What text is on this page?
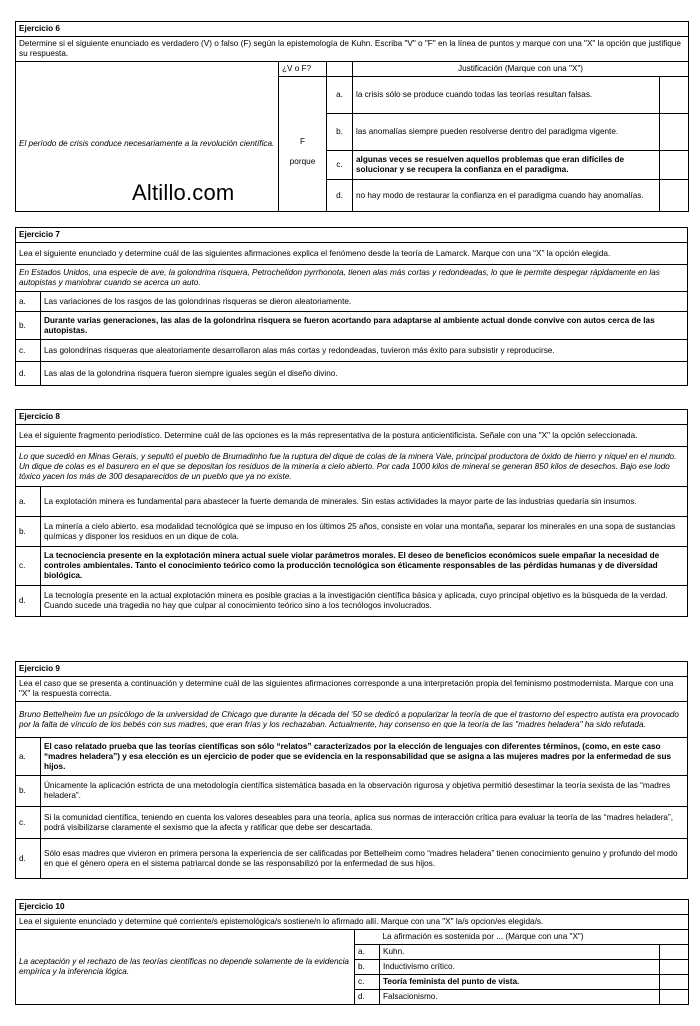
Ejercicio 6				
Determine si el siguiente enunciado es verdadero (V) o falso (F) según la epistemología de Kuhn. Escriba "V" o "F" en la línea de puntos y marque con una "X" la opción que justifique su respuesta.				
	¿V o F?		Justificación (Marque con una "X")	
El período de crisis conduce necesariamente a la revolución científica.	F	a.	la crisis sólo se produce cuando todas las teorías resultan falsas.	
		b.	las anomalías siempre pueden resolverse dentro del paradigma vigente.	
	porque	c.	algunas veces se resuelven aquellos problemas que eran difíciles de solucionar y se recupera la confianza en el paradigma.	
		d.	no hay modo de restaurar la confianza en el paradigma cuando hay anomalías.	
Ejercicio 7	
Lea el siguiente enunciado y determine cuál de las siguientes afirmaciones explica el fenómeno desde la teoría de Lamarck. Marque con una “X” la opción elegida.	
En Estados Unidos, una especie de ave, la golondrina risquera, Petrochelidon pyrrhonota, tienen alas más cortas y redondeadas, lo que le permite despegar rápidamente en las autopistas y maniobrar cuando se acerca un auto.	
a.	Las variaciones de los rasgos de las golondrinas risqueras se dieron aleatoriamente.
b.	Durante varias generaciones, las alas de la golondrina risquera se fueron acortando para adaptarse al ambiente actual donde convive con autos cerca de las autopistas.
c.	Las golondrinas risqueras que aleatoriamente desarrollaron alas más cortas y redondeadas, tuvieron más éxito para subsistir y reproducirse.
d.	Las alas de la golondrina risquera fueron siempre iguales según el diseño divino.
Ejercicio 8	
Lea el siguiente fragmento periodístico. Determine cuál de las opciones es la más representativa de la postura anticientificista. Señale con una "X" la opción seleccionada.	
Lo que sucedió en Minas Gerais, y sepultó el pueblo de Brumadinho fue la ruptura del dique de colas de la minera Vale, principal productora de óxido de hierro y níquel en el mundo. Un dique de colas es el basurero en el que se depositan los residuos de la minería a cielo abierto. Por cada 1000 kilos de mineral se generan 850 kilos de desechos. Bajo ese lodo tóxico yacen los más de 300 desaparecidos de un pueblo que ya no existe.	
a.	La explotación minera es fundamental para abastecer la fuerte demanda de minerales. Sin estas actividades la mayor parte de las industrias quedaría sin insumos.
b.	La minería a cielo abierto. esa modalidad tecnológica que se impuso en los últimos 25 años, consiste en volar una montaña, separar los minerales en una sopa de sustancias químicas y disponer los residuos en un dique de cola.
c.	La tecnociencia presente en la explotación minera actual suele violar parámetros morales. El deseo de beneficios económicos suele empañar la necesidad de controles ambientales. Tanto el conocimiento teórico como la producción tecnológica son éticamente responsables de las pérdidas humanas y de diversidad biológica.
d.	La tecnología presente en la actual explotación minera es posible gracias a la investigación científica básica y aplicada, cuyo principal objetivo es la búsqueda de la verdad. Cuando sucede una tragedia no hay que culpar al conocimiento teórico sino a los tecnólogos involucrados.
Ejercicio 9	
Lea el caso que se presenta a continuación y determine cuál de las siguientes afirmaciones corresponde a una interpretación propia del feminismo postmodernista. Marque con una "X" la respuesta correcta.	
Bruno Bettelheim fue un psicólogo de la universidad de Chicago que durante la década del ‘50 se dedicó a popularizar la teoría de que el trastorno del espectro autista era provocado por la falta de vínculo de los bebés con sus madres, que eran frías y los rechazaban. Actualmente, hay consenso en que la teoría de las "madres heladera" ha sido refutada.	
a.	El caso relatado prueba que las teorías científicas son sólo “relatos” caracterizados por la elección de lenguajes con diferentes términos, (como, en este caso “madres heladera”) y esa elección es un ejercicio de poder que se evidencia en la responsabilidad que se asigna a las mujeres madres por la enfermedad de sus hijos.
b.	Únicamente la aplicación estricta de una metodología científica sistemática basada en la observación rigurosa y objetiva permitió desestimar la teoría sexista de las “madres heladera”.
c.	Si la comunidad científica, teniendo en cuenta los valores deseables para una teoría, aplica sus normas de interacción crítica para evaluar la teoría de las “madres heladera”, podrá visibilizarse claramente el sexismo que la afecta y ratificar que debe ser descartada.
d.	Sólo esas madres que vivieron en primera persona la experiencia de ser calificadas por Bettelheim como “madres heladera” tienen conocimiento genuino y profundo del modo en que el género opera en el sistema patriarcal donde se las responsabilizó por la enfermedad de sus hijos.
Ejercicio 10			
Lea el siguiente enunciado y determine qué corriente/s epistemológica/s sostiene/n lo afirmado allí. Marque con una "X" la/s opcion/es elegida/s.			
La aceptación y el rechazo de las teorías científicas no depende solamente de la evidencia empírica y la inferencia lógica.		La afirmación es sostenida por ... (Marque con una "X")	
	a.	Kuhn.	
	b.	Inductivismo crítico.	
	c.	Teoría feminista del punto de vista.	
	d.	Falsacionismo.	
Altillo.com
